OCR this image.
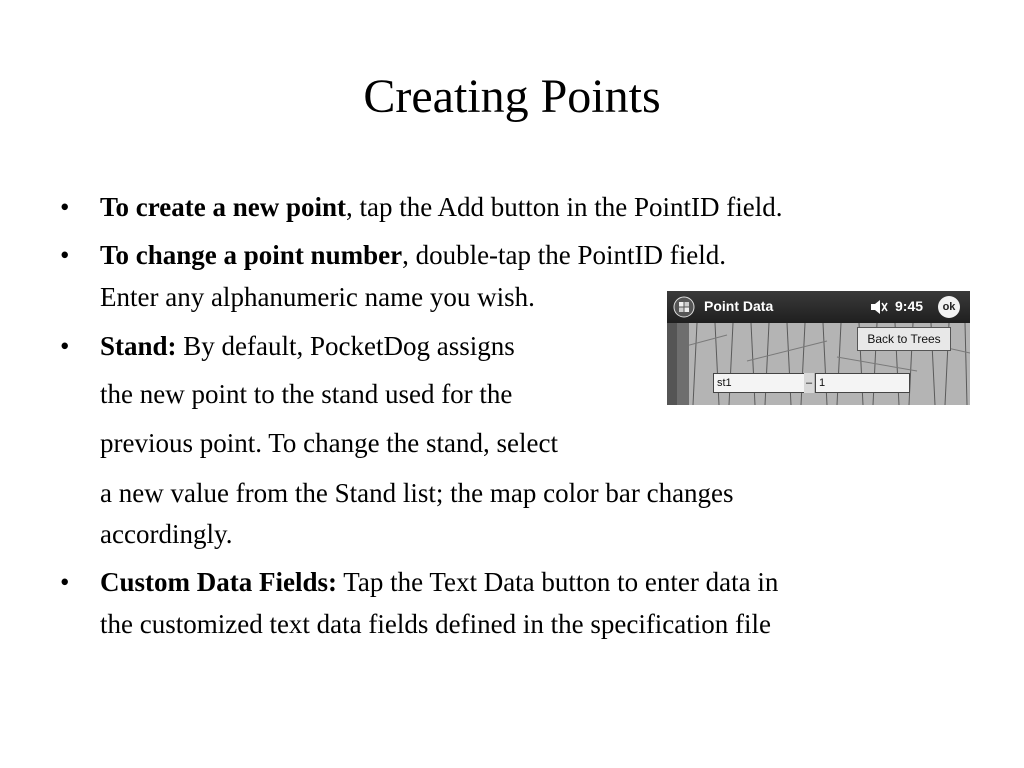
Creating Points
• To create a new point, tap the Add button in the PointID field.
• To change a point number, double-tap the PointID field.
Enter any alphanumeric name you wish.
• Stand: By default, PocketDog assigns
the new point to the stand used for the
previous point. To change the stand, select
a new value from the Stand list; the map color bar changes
accordingly.
• Custom Data Fields: Tap the Text Data button to enter data in
the customized text data fields defined in the specification file
Point Data	9:45	ok
Back to Trees
st1	– 1
